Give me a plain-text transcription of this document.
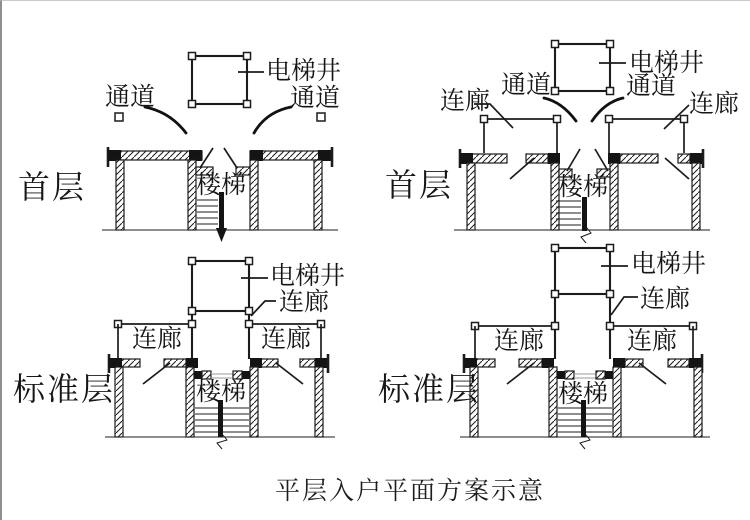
首层
电梯井
通道	通道
楼梯	首层
电梯井
连廊
通道	通道
连廊
楼梯
标准层
电梯井
连廊
连廊	连廊
楼梯	标准层
电梯井
连廊
连廊	连廊
楼梯
平层入户平面方案示意
